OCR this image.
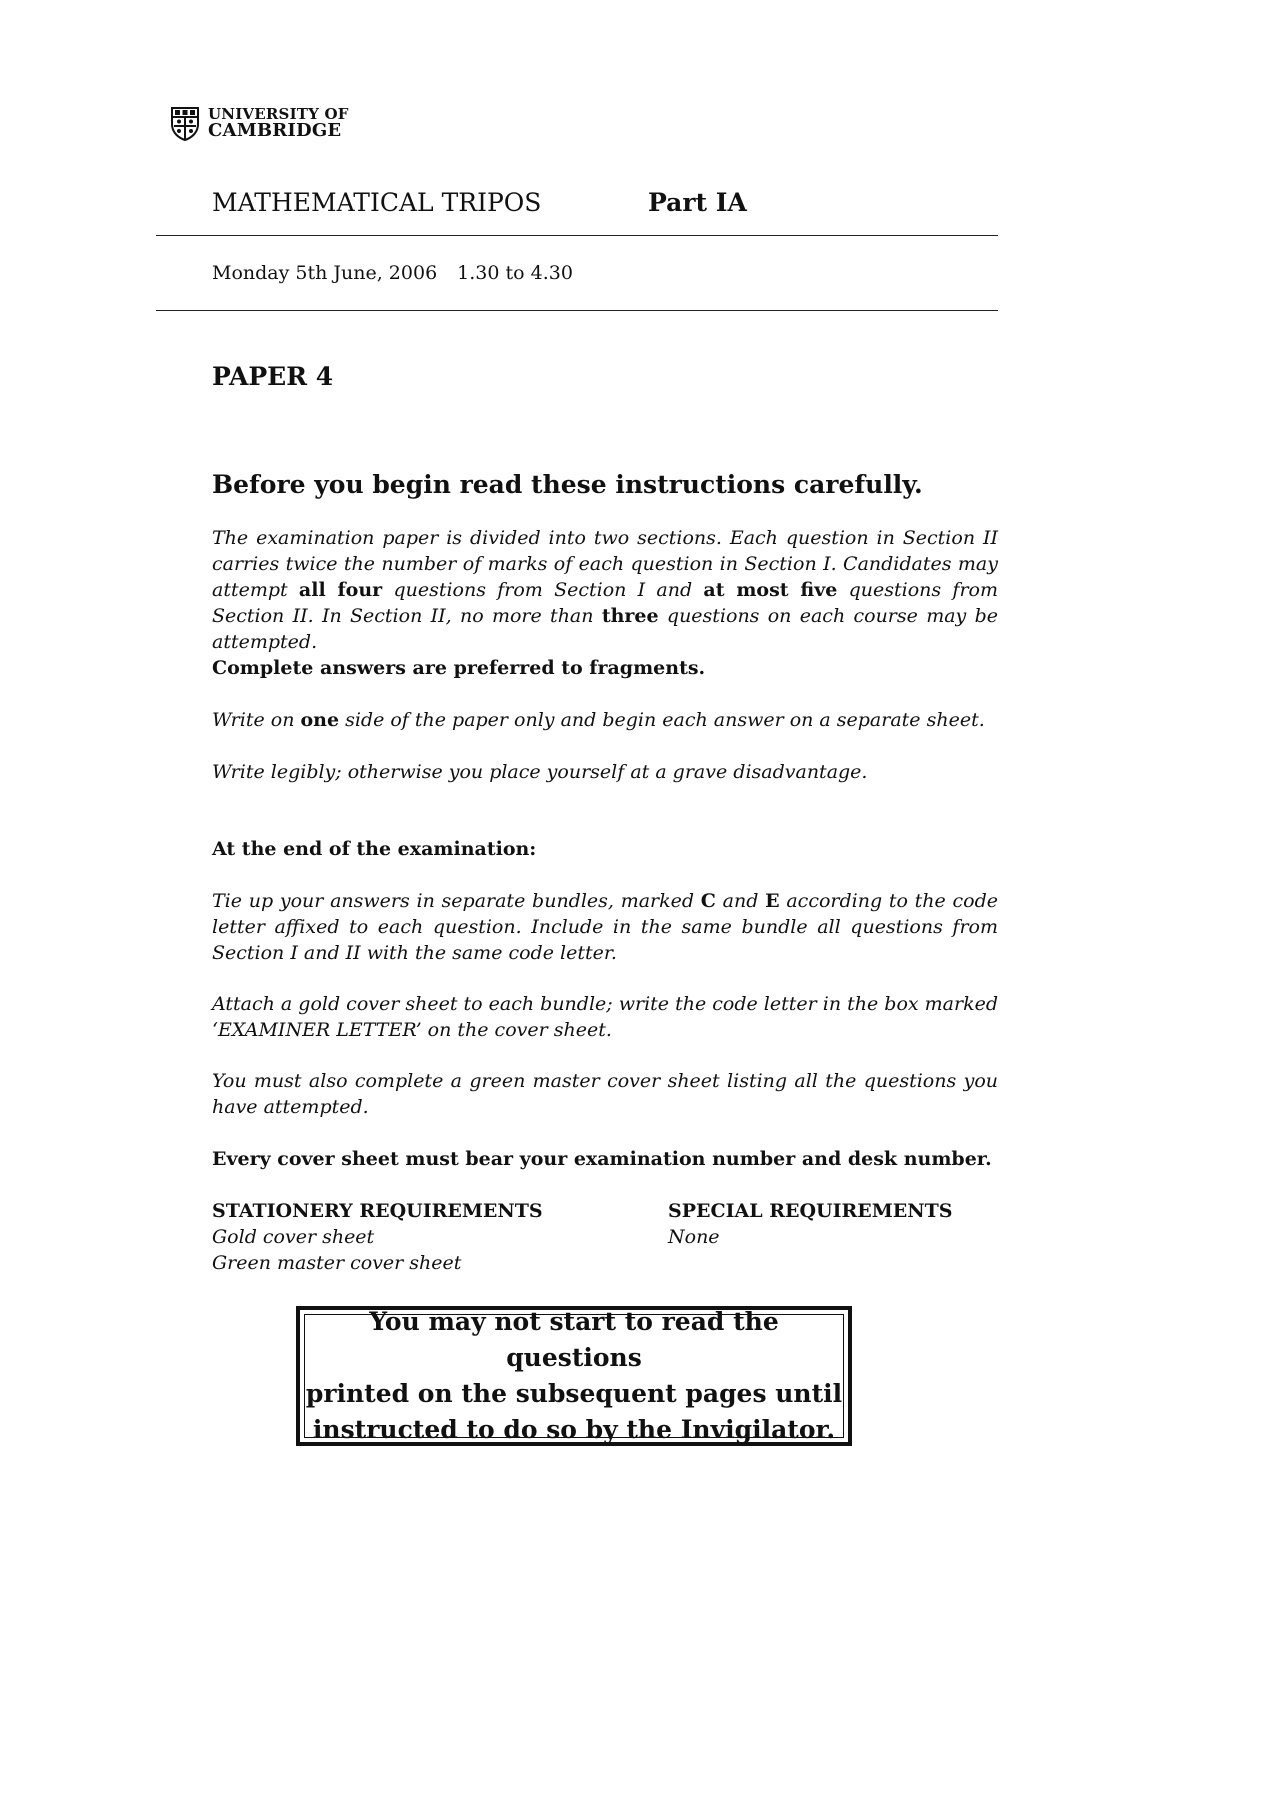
UNIVERSITY OF
CAMBRIDGE
MATHEMATICAL TRIPOS	Part IA
Monday 5th June, 2006 1.30 to 4.30
PAPER 4
Before you begin read these instructions carefully.
The examination paper is divided into two sections. Each question in Section II carries twice the number of marks of each question in Section I. Candidates may attempt all four questions from Section I and at most five questions from Section II. In Section II, no more than three questions on each course may be attempted.
Complete answers are preferred to fragments.
Write on one side of the paper only and begin each answer on a separate sheet.
Write legibly; otherwise you place yourself at a grave disadvantage.
At the end of the examination:
Tie up your answers in separate bundles, marked C and E according to the code letter affixed to each question. Include in the same bundle all questions from Section I and II with the same code letter.
Attach a gold cover sheet to each bundle; write the code letter in the box marked ‘EXAMINER LETTER’ on the cover sheet.
You must also complete a green master cover sheet listing all the questions you have attempted.
Every cover sheet must bear your examination number and desk number.
STATIONERY REQUIREMENTS
Gold cover sheet
Green master cover sheet
SPECIAL REQUIREMENTS
None
You may not start to read the questions
printed on the subsequent pages until
instructed to do so by the Invigilator.
